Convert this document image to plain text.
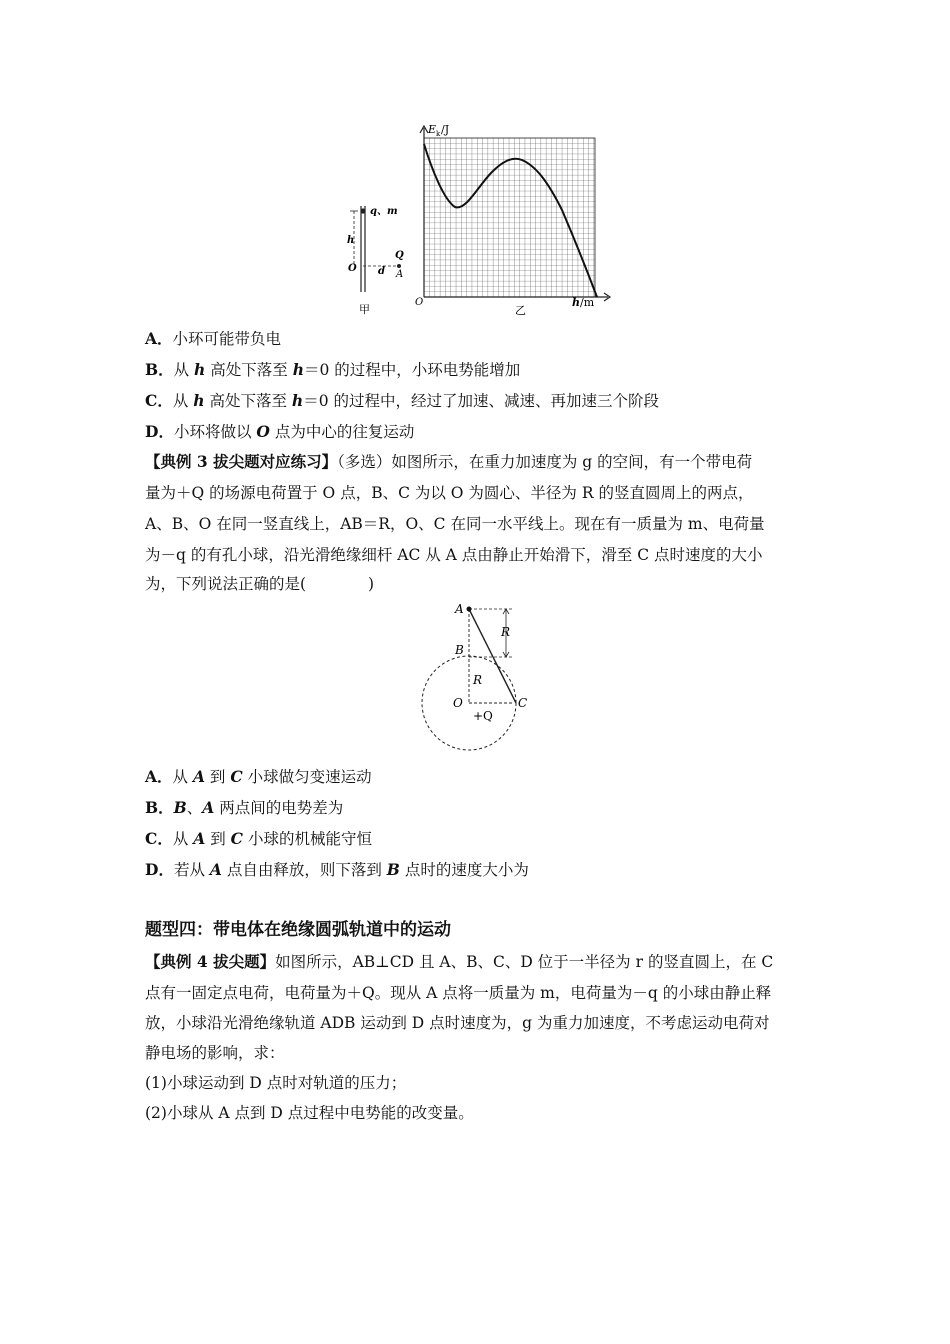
q、m
h
Q
O d A
甲
E k /J
O	h /m
乙
A．小环可能带负电
B．从 h 高处下落至 h＝0 的过程中，小环电势能增加
C．从 h 高处下落至 h＝0 的过程中，经过了加速、减速、再加速三个阶段
D．小环将做以 O 点为中心的往复运动
【典例 3 拔尖题对应练习】（多选）如图所示，在重力加速度为 g 的空间，有一个带电荷
量为＋Q 的场源电荷置于 O 点，B、C 为以 O 为圆心、半径为 R 的竖直圆周上的两点，
A、B、O 在同一竖直线上，AB＝R，O、C 在同一水平线上。现在有一质量为 m、电荷量
为－q 的有孔小球，沿光滑绝缘细杆 AC 从 A 点由静止开始滑下，滑至 C 点时速度的大小
为，下列说法正确的是(　　　　)
A
B
O	C
R
R
+Q
A．从 A 到 C 小球做匀变速运动
B．B、A 两点间的电势差为
C．从 A 到 C 小球的机械能守恒
D．若从 A 点自由释放，则下落到 B 点时的速度大小为
题型四：带电体在绝缘圆弧轨道中的运动
【典例 4 拔尖题】如图所示，AB⊥CD 且 A、B、C、D 位于一半径为 r 的竖直圆上，在 C
点有一固定点电荷，电荷量为＋Q。现从 A 点将一质量为 m，电荷量为－q 的小球由静止释
放，小球沿光滑绝缘轨道 ADB 运动到 D 点时速度为，g 为重力加速度，不考虑运动电荷对
静电场的影响，求：
(1)小球运动到 D 点时对轨道的压力；
(2)小球从 A 点到 D 点过程中电势能的改变量。
